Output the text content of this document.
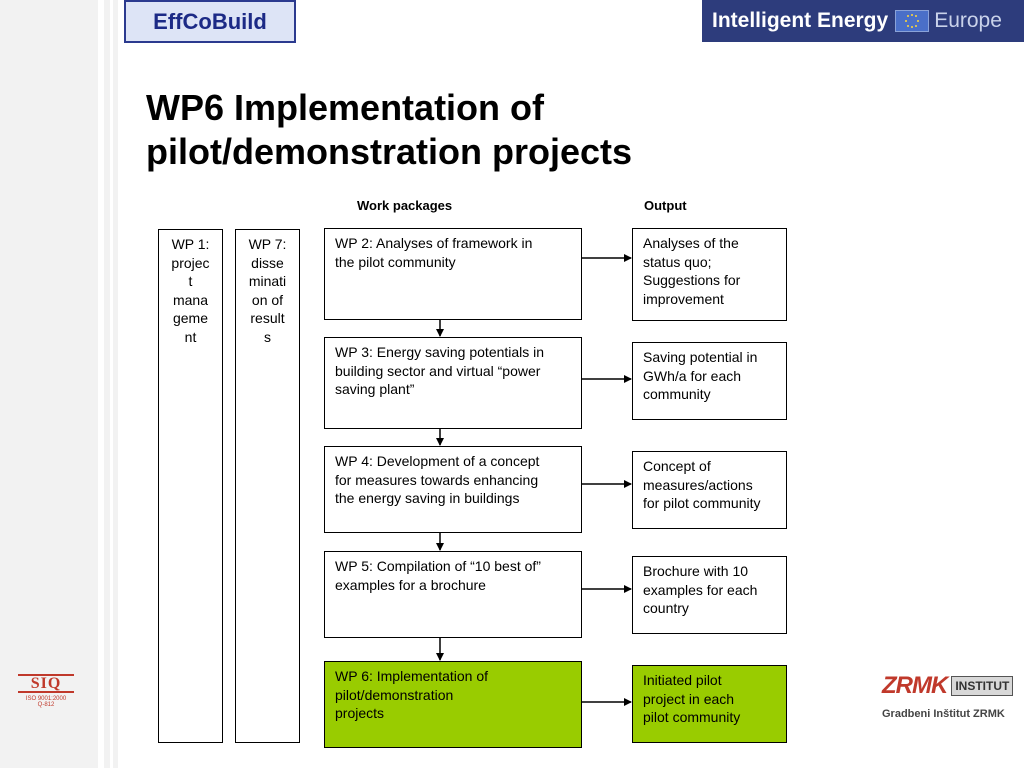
EffCoBuild	Intelligent Energy Europe
WP6 Implementation of
pilot/demonstration projects
Work packages	Output
WP 1:
projec
t
mana
geme
nt
WP 7:
disse
minati
on of
result
s
WP 2: Analyses of framework in
the pilot community
WP 3: Energy saving potentials in
building sector and virtual “power
saving plant”
WP 4: Development of a concept
for measures towards enhancing
the energy saving in buildings
WP 5: Compilation of “10 best of”
examples for a brochure
WP 6: Implementation of
pilot/demonstration
projects
Analyses of the
status quo;
Suggestions for
improvement
Saving potential in
GWh/a for each
community
Concept of
measures/actions
for pilot community
Brochure with 10
examples for each
country
Initiated pilot
project in each
pilot community
SIQ
ISO 9001:2000
Q-812
ZRMK INSTITUT
Gradbeni Inštitut ZRMK
